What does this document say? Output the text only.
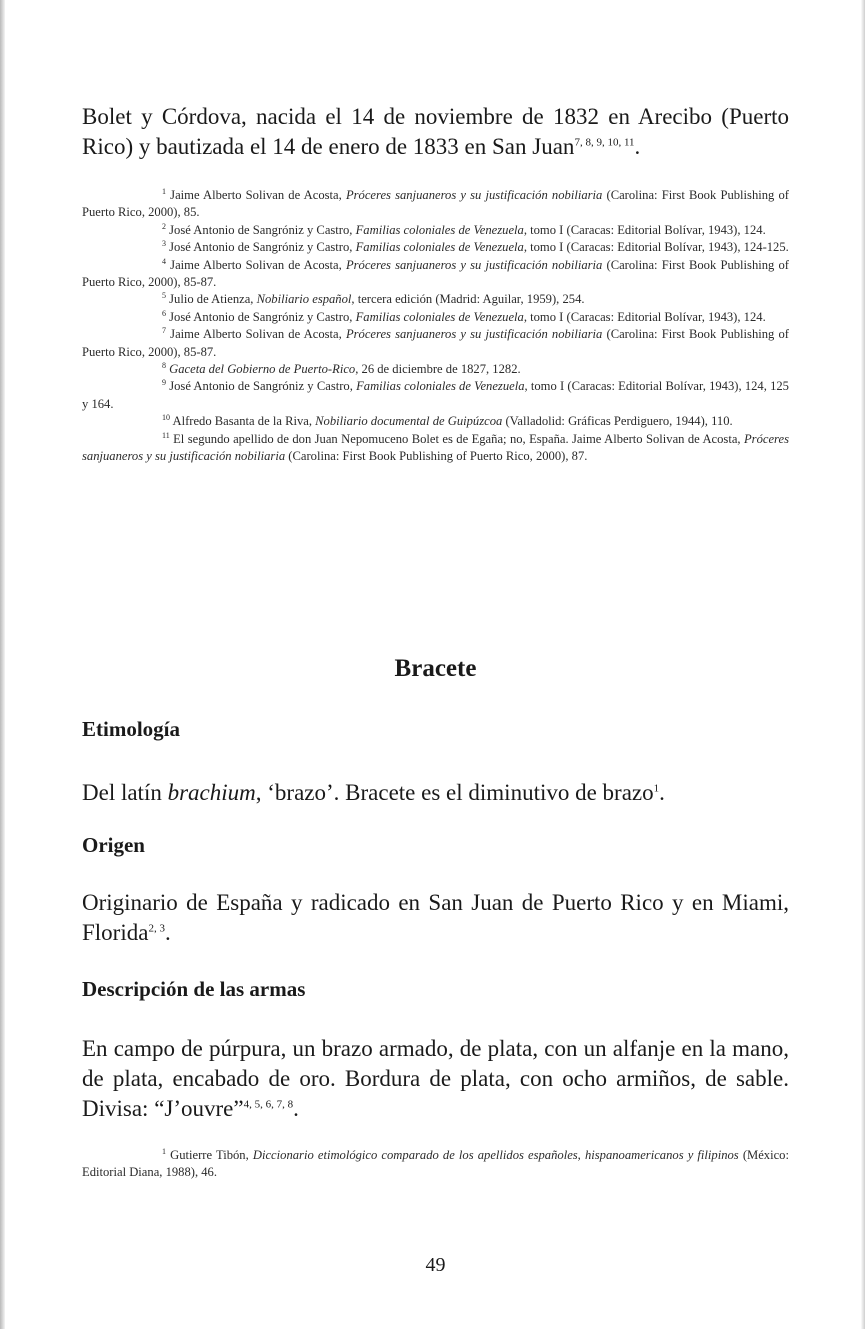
Bolet y Córdova, nacida el 14 de noviembre de 1832 en Arecibo (Puerto Rico) y bautizada el 14 de enero de 1833 en San Juan$^{7, 8, 9, 10, 11}$.

$^1$ Jaime Alberto Solivan de Acosta, Próceres sanjuaneros y su justificación nobiliaria (Carolina: First Book Publishing of Puerto Rico, 2000), 85.

$^2$ José Antonio de Sangróniz y Castro, Familias coloniales de Venezuela, tomo I (Caracas: Editorial Bolívar, 1943), 124.

$^3$ José Antonio de Sangróniz y Castro, Familias coloniales de Venezuela, tomo I (Caracas: Editorial Bolívar, 1943), 124-125.

$^4$ Jaime Alberto Solivan de Acosta, Próceres sanjuaneros y su justificación nobiliaria (Carolina: First Book Publishing of Puerto Rico, 2000), 85-87.

$^5$ Julio de Atienza, Nobiliario español, tercera edición (Madrid: Aguilar, 1959), 254.

$^6$ José Antonio de Sangróniz y Castro, Familias coloniales de Venezuela, tomo I (Caracas: Editorial Bolívar, 1943), 124.

$^7$ Jaime Alberto Solivan de Acosta, Próceres sanjuaneros y su justificación nobiliaria (Carolina: First Book Publishing of Puerto Rico, 2000), 85-87.

$^8$ Gaceta del Gobierno de Puerto-Rico, 26 de diciembre de 1827, 1282.

$^9$ José Antonio de Sangróniz y Castro, Familias coloniales de Venezuela, tomo I (Caracas: Editorial Bolívar, 1943), 124, 125 y 164.

$^{10}$ Alfredo Basanta de la Riva, Nobiliario documental de Guipúzcoa (Valladolid: Gráficas Perdiguero, 1944), 110.

$^{11}$ El segundo apellido de don Juan Nepomuceno Bolet es de Egaña; no, España. Jaime Alberto Solivan de Acosta, Próceres sanjuaneros y su justificación nobiliaria (Carolina: First Book Publishing of Puerto Rico, 2000), 87.

Bracete
Etimología

Del latín brachium, ‘brazo’. Bracete es el diminutivo de brazo$^1$.

Origen

Originario de España y radicado en San Juan de Puerto Rico y en Miami, Florida$^{2, 3}$.

Descripción de las armas

En campo de púrpura, un brazo armado, de plata, con un alfanje en la mano, de plata, encabado de oro. Bordura de plata, con ocho armiños, de sable. Divisa: “J’ouvre”$^{4, 5, 6, 7, 8}$.

$^1$ Gutierre Tibón, Diccionario etimológico comparado de los apellidos españoles, hispanoamericanos y filipinos (México: Editorial Diana, 1988), 46.

49
